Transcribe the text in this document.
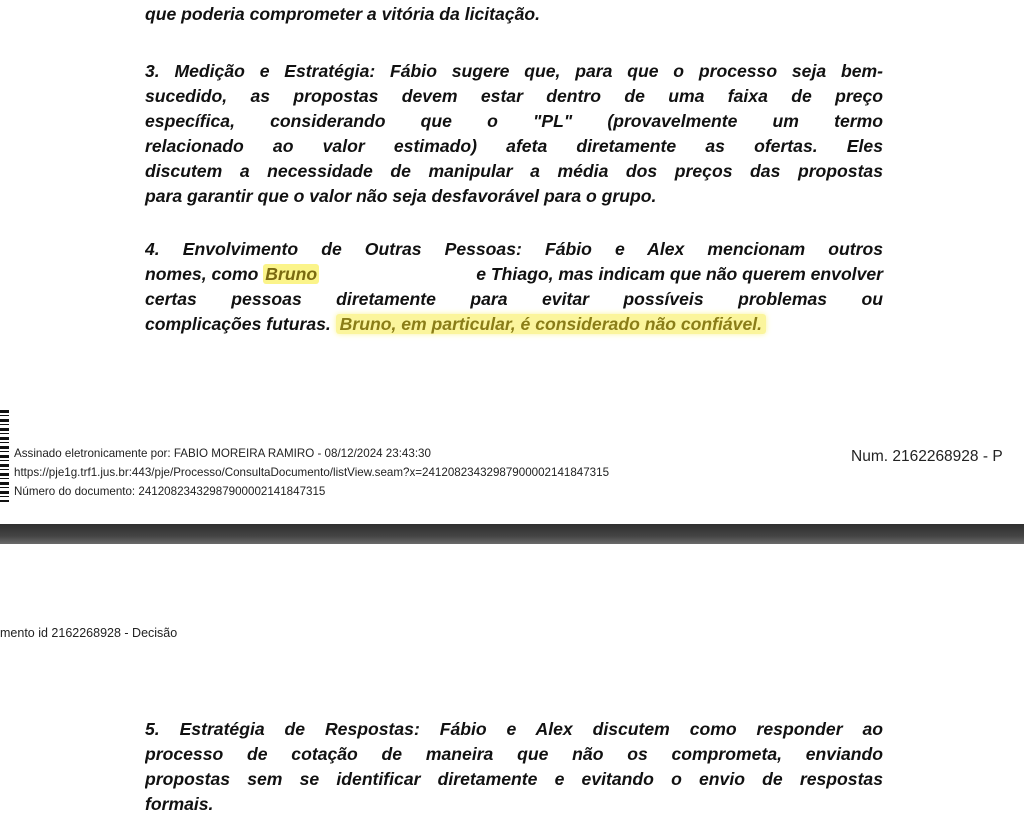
que poderia comprometer a vitória da licitação.
3. Medição e Estratégia: Fábio sugere que, para que o processo seja bem-
sucedido, as propostas devem estar dentro de uma faixa de preço
específica, considerando que o "PL" (provavelmente um termo
relacionado ao valor estimado) afeta diretamente as ofertas. Eles
discutem a necessidade de manipular a média dos preços das propostas
para garantir que o valor não seja desfavorável para o grupo.
4. Envolvimento de Outras Pessoas: Fábio e Alex mencionam outros
nomes, como Bruno	e Thiago, mas indicam que não querem envolver
certas pessoas diretamente para evitar possíveis problemas ou
complicações futuras. Bruno, em particular, é considerado não confiável.
Assinado eletronicamente por: FABIO MOREIRA RAMIRO - 08/12/2024 23:43:30
https://pje1g.trf1.jus.br:443/pje/Processo/ConsultaDocumento/listView.seam?x=24120823432987900002141847315
Número do documento: 24120823432987900002141847315
Num. 2162268928 - P
mento id 2162268928 - Decisão
5. Estratégia de Respostas: Fábio e Alex discutem como responder ao
processo de cotação de maneira que não os comprometa, enviando
propostas sem se identificar diretamente e evitando o envio de respostas
formais.
